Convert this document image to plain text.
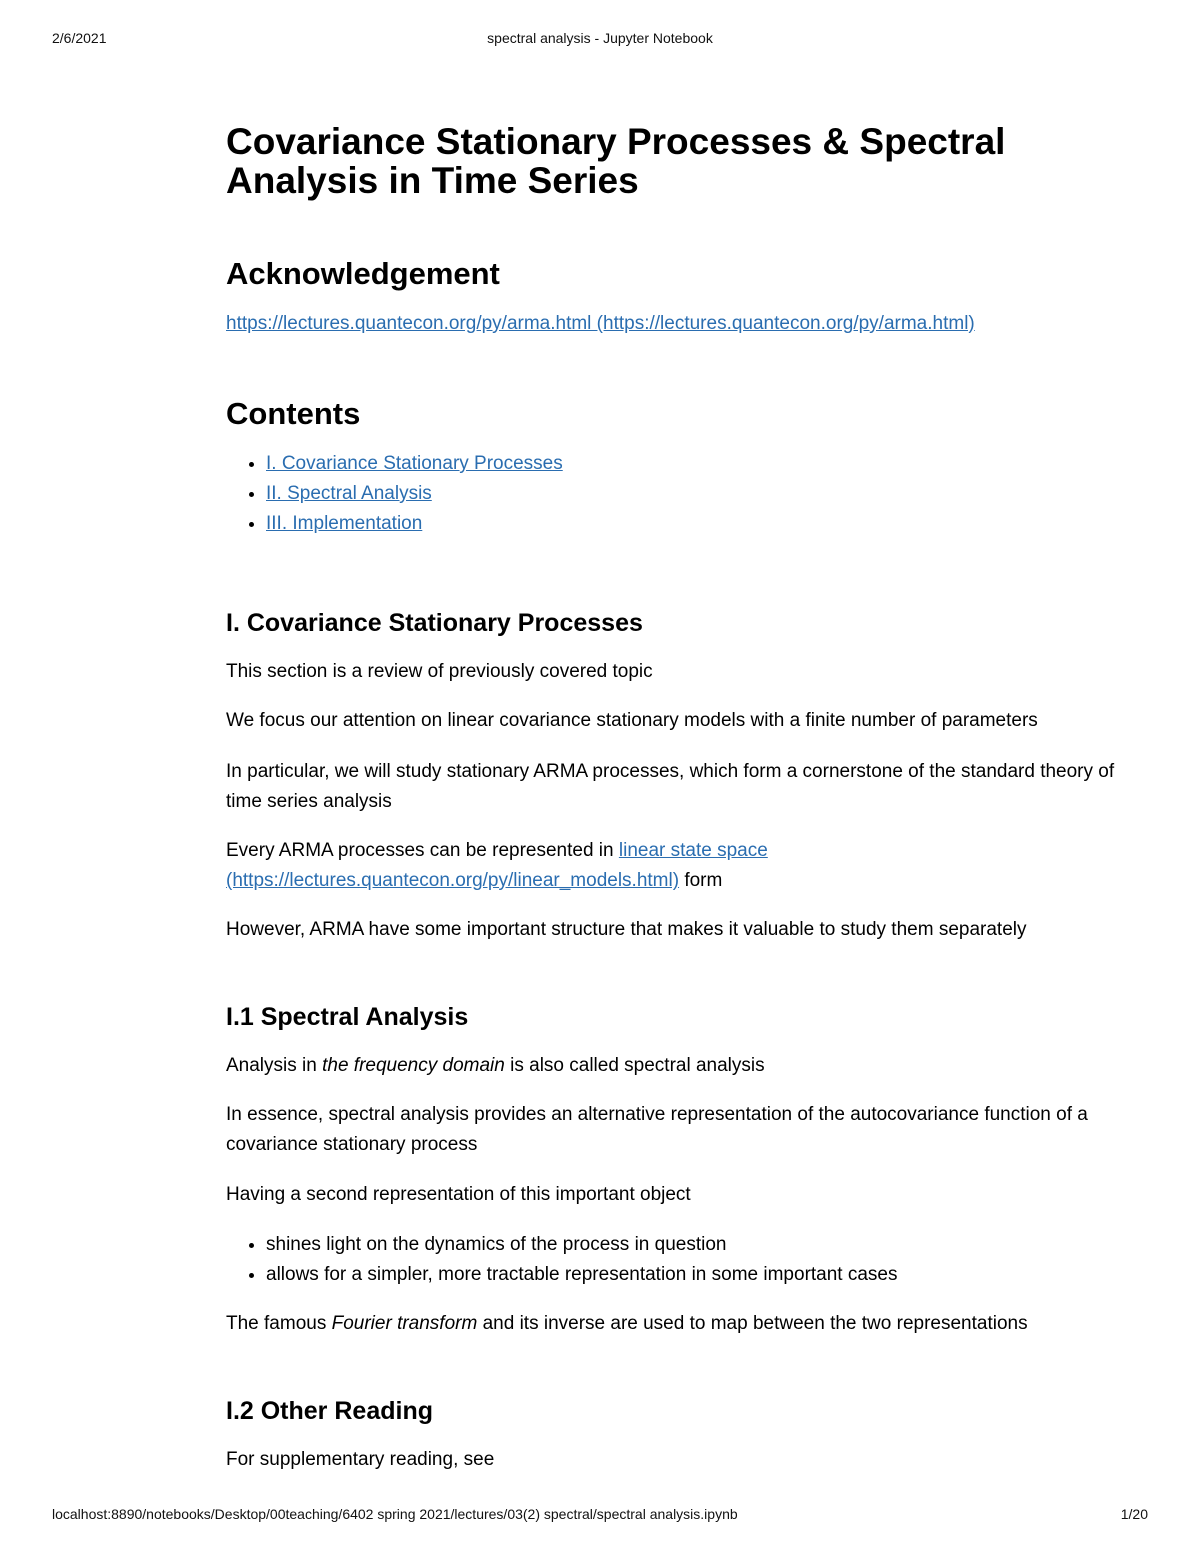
2/6/2021	spectral analysis - Jupyter Notebook
Covariance Stationary Processes & Spectral Analysis in Time Series
Acknowledgement

https://lectures.quantecon.org/py/arma.html (https://lectures.quantecon.org/py/arma.html)

Contents
• I. Covariance Stationary Processes
• II. Spectral Analysis
• III. Implementation
I. Covariance Stationary Processes

This section is a review of previously covered topic

We focus our attention on linear covariance stationary models with a finite number of parameters

In particular, we will study stationary ARMA processes, which form a cornerstone of the standard theory of time series analysis

Every ARMA processes can be represented in linear state space (https://lectures.quantecon.org/py/linear_models.html) form

However, ARMA have some important structure that makes it valuable to study them separately

I.1 Spectral Analysis

Analysis in the frequency domain is also called spectral analysis

In essence, spectral analysis provides an alternative representation of the autocovariance function of a covariance stationary process

Having a second representation of this important object

• shines light on the dynamics of the process in question
• allows for a simpler, more tractable representation in some important cases

The famous Fourier transform and its inverse are used to map between the two representations

I.2 Other Reading

For supplementary reading, see

localhost:8890/notebooks/Desktop/00teaching/6402 spring 2021/lectures/03(2) spectral/spectral analysis.ipynb	1/20
